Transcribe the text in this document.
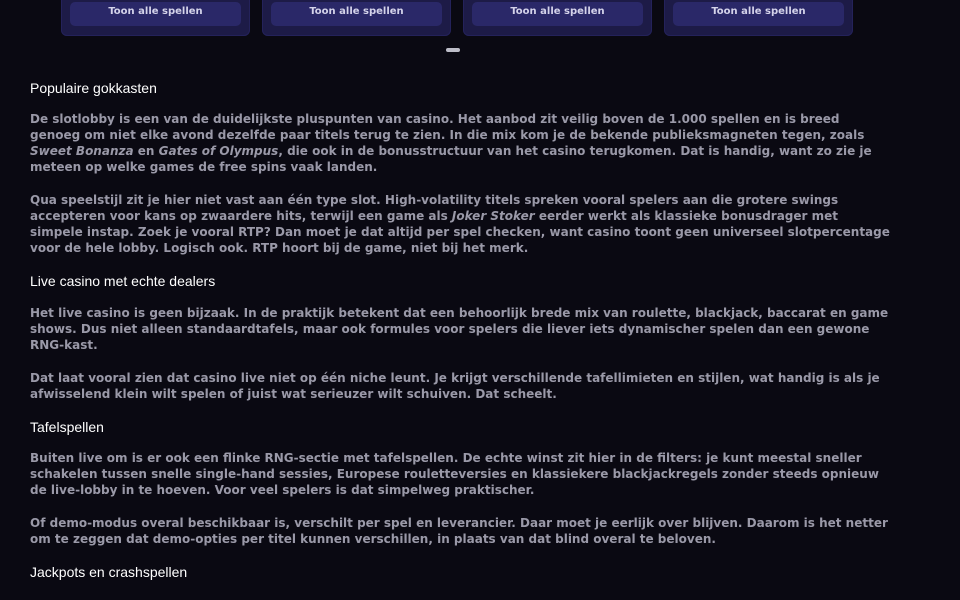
Toon alle spellen	Toon alle spellen	Toon alle spellen	Toon alle spellen
Populaire gokkasten

De slotlobby is een van de duidelijkste pluspunten van casino. Het aanbod zit veilig boven de 1.000 spellen en is breed genoeg om niet elke avond dezelfde paar titels terug te zien. In die mix kom je de bekende publieksmagneten tegen, zoals Sweet Bonanza en Gates of Olympus, die ook in de bonusstructuur van het casino terugkomen. Dat is handig, want zo zie je meteen op welke games de free spins vaak landen.

Qua speelstijl zit je hier niet vast aan één type slot. High-volatility titels spreken vooral spelers aan die grotere swings accepteren voor kans op zwaardere hits, terwijl een game als Joker Stoker eerder werkt als klassieke bonusdrager met simpele instap. Zoek je vooral RTP? Dan moet je dat altijd per spel checken, want casino toont geen universeel slotpercentage voor de hele lobby. Logisch ook. RTP hoort bij de game, niet bij het merk.

Live casino met echte dealers

Het live casino is geen bijzaak. In de praktijk betekent dat een behoorlijk brede mix van roulette, blackjack, baccarat en game shows. Dus niet alleen standaardtafels, maar ook formules voor spelers die liever iets dynamischer spelen dan een gewone RNG-kast.

Dat laat vooral zien dat casino live niet op één niche leunt. Je krijgt verschillende tafellimieten en stijlen, wat handig is als je afwisselend klein wilt spelen of juist wat serieuzer wilt schuiven. Dat scheelt.

Tafelspellen

Buiten live om is er ook een flinke RNG-sectie met tafelspellen. De echte winst zit hier in de filters: je kunt meestal sneller schakelen tussen snelle single-hand sessies, Europese rouletteversies en klassiekere blackjackregels zonder steeds opnieuw de live-lobby in te hoeven. Voor veel spelers is dat simpelweg praktischer.

Of demo-modus overal beschikbaar is, verschilt per spel en leverancier. Daar moet je eerlijk over blijven. Daarom is het netter om te zeggen dat demo-opties per titel kunnen verschillen, in plaats van dat blind overal te beloven.

Jackpots en crashspellen
